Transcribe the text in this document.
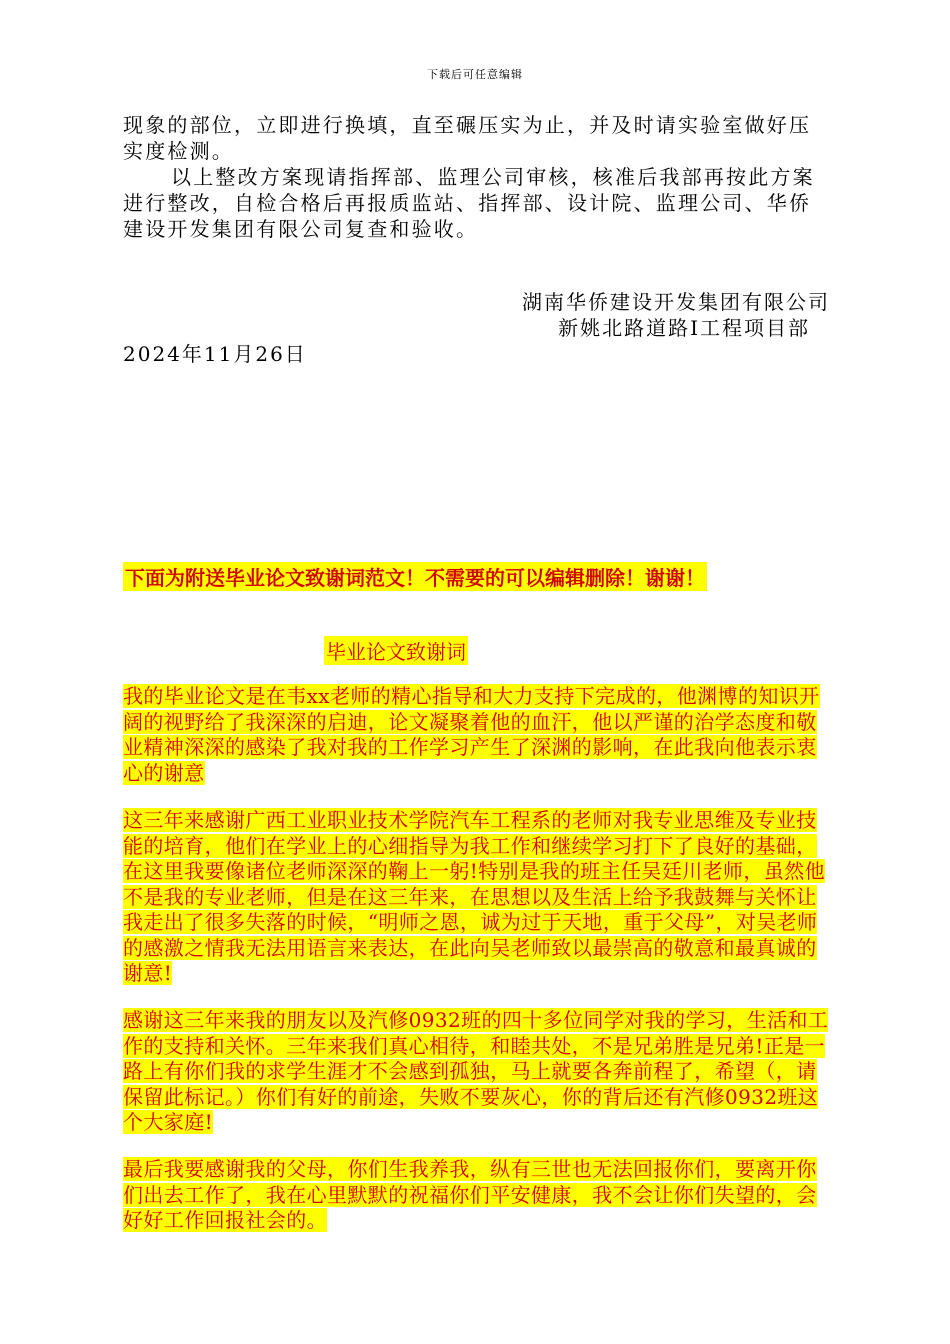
下载后可任意编辑
现象的部位，立即进行换填，直至碾压实为止，并及时请实验室做好压实度检测。
以上整改方案现请指挥部、监理公司审核，核准后我部再按此方案进行整改，自检合格后再报质监站、指挥部、设计院、监理公司、华侨建设开发集团有限公司复查和验收。
湖南华侨建设开发集团有限公司
新姚北路道路Ⅰ工程项目部
2024年11月26日
下面为附送毕业论文致谢词范文！不需要的可以编辑删除！谢谢！
毕业论文致谢词
我的毕业论文是在韦xx老师的精心指导和大力支持下完成的，他渊博的知识开阔的视野给了我深深的启迪，论文凝聚着他的血汗，他以严谨的治学态度和敬业精神深深的感染了我对我的工作学习产生了深渊的影响，在此我向他表示衷心的谢意
这三年来感谢广西工业职业技术学院汽车工程系的老师对我专业思维及专业技能的培育，他们在学业上的心细指导为我工作和继续学习打下了良好的基础，在这里我要像诸位老师深深的鞠上一躬!特别是我的班主任吴廷川老师，虽然他不是我的专业老师，但是在这三年来，在思想以及生活上给予我鼓舞与关怀让我走出了很多失落的时候，“明师之恩，诚为过于天地，重于父母”，对吴老师的感激之情我无法用语言来表达，在此向吴老师致以最崇高的敬意和最真诚的谢意!
感谢这三年来我的朋友以及汽修0932班的四十多位同学对我的学习，生活和工作的支持和关怀。三年来我们真心相待，和睦共处，不是兄弟胜是兄弟!正是一路上有你们我的求学生涯才不会感到孤独，马上就要各奔前程了，希望（，请保留此标记。）你们有好的前途，失败不要灰心，你的背后还有汽修0932班这个大家庭!
最后我要感谢我的父母，你们生我养我，纵有三世也无法回报你们，要离开你们出去工作了，我在心里默默的祝福你们平安健康，我不会让你们失望的，会好好工作回报社会的。
